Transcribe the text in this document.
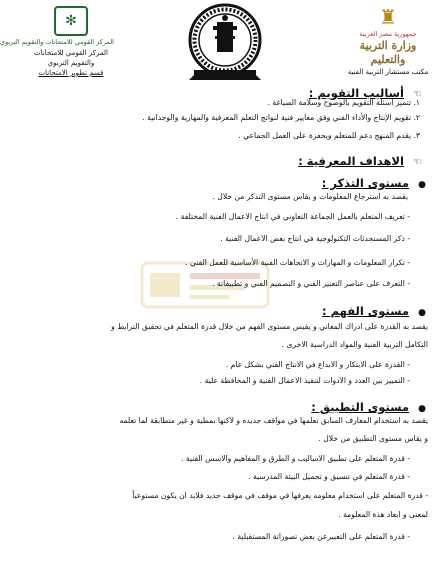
✻
المركز القومي للامتحانات والتقويم التربوي
المركز القومي للامتحانات
والتقويم التربوي
قسم تطوير الامتحانات
♜
جمهورية مصر العربية
وزارة التربية والتعليم
مكتب مستشار التربية الفنية
☜ أساليب التقويم :
١. تتميز اسئلة التقويم بالوضوح وسلامة الصياغة .
٢. تقويم الإنتاج والأداء الفني وفق معايير فنية لنواتج التعلم المعرفية والمهارية والوجدانية .
٣. يقدم المنهج دعم للمتعلم ويحفزة على العمل الجماعي .
☜ الاهداف المعرفية :
● مستوى التذكر :
يقصد به استرجاع المعلومات و يقاس مستوى التذكر من خلال .
- تعريف المتعلم بالعمل الجماعة التعاوني في انتاج الاعمال الفنية المختلفة .
- ذكر المستحدثات التكنولوجية في انتاج بعض الاعمال الفنية .
- تكرار المعلومات و المهارات و الاتجاهات الفنية الأساسية للعمل الفني .
- التعرف على عناصر التعبير الفني و التصميم الفني و تطبيقاتة .
● مستوى الفهم :
يقصد به القدرة على ادراك المعاني و يقيس مستوى الفهم من خلال قدرة المتعلم في تحقيق الترابط و
التكامل التربية الفنية والمواد الدراسية الاخرى .
- القدرة على الابتكار و الابداع في الانتاج الفني بشكل عام .
- التمييز بين العدد و الادوات لتنفيذ الاعمال الفنية و المحافظة علية .
● مستوى التطبيق :
يقصد به استخدام المعارف السابق تعلمها في مواقف جديده و لاكنها نمطية و غير متطابقة لما تعلمه
و يقاس مستوى التطبيق من خلال .
- قدرة المتعلم على تطبيق الاساليب و الطرق و المفاهيم والاسس الفنية .
- قدرة المتعلم في تنسيق و تجميل البيئة المدرسية .
- قدرة المتعلم على استخدام معلومه يعرفها في موقف في موقف جديد فلابد ان يكون مستوعباً
لمعنى و ابعاد هذة المعلومة .
- قدرة المتعلم على التعبيرعن بعض تصوراتة المستقبلية .
